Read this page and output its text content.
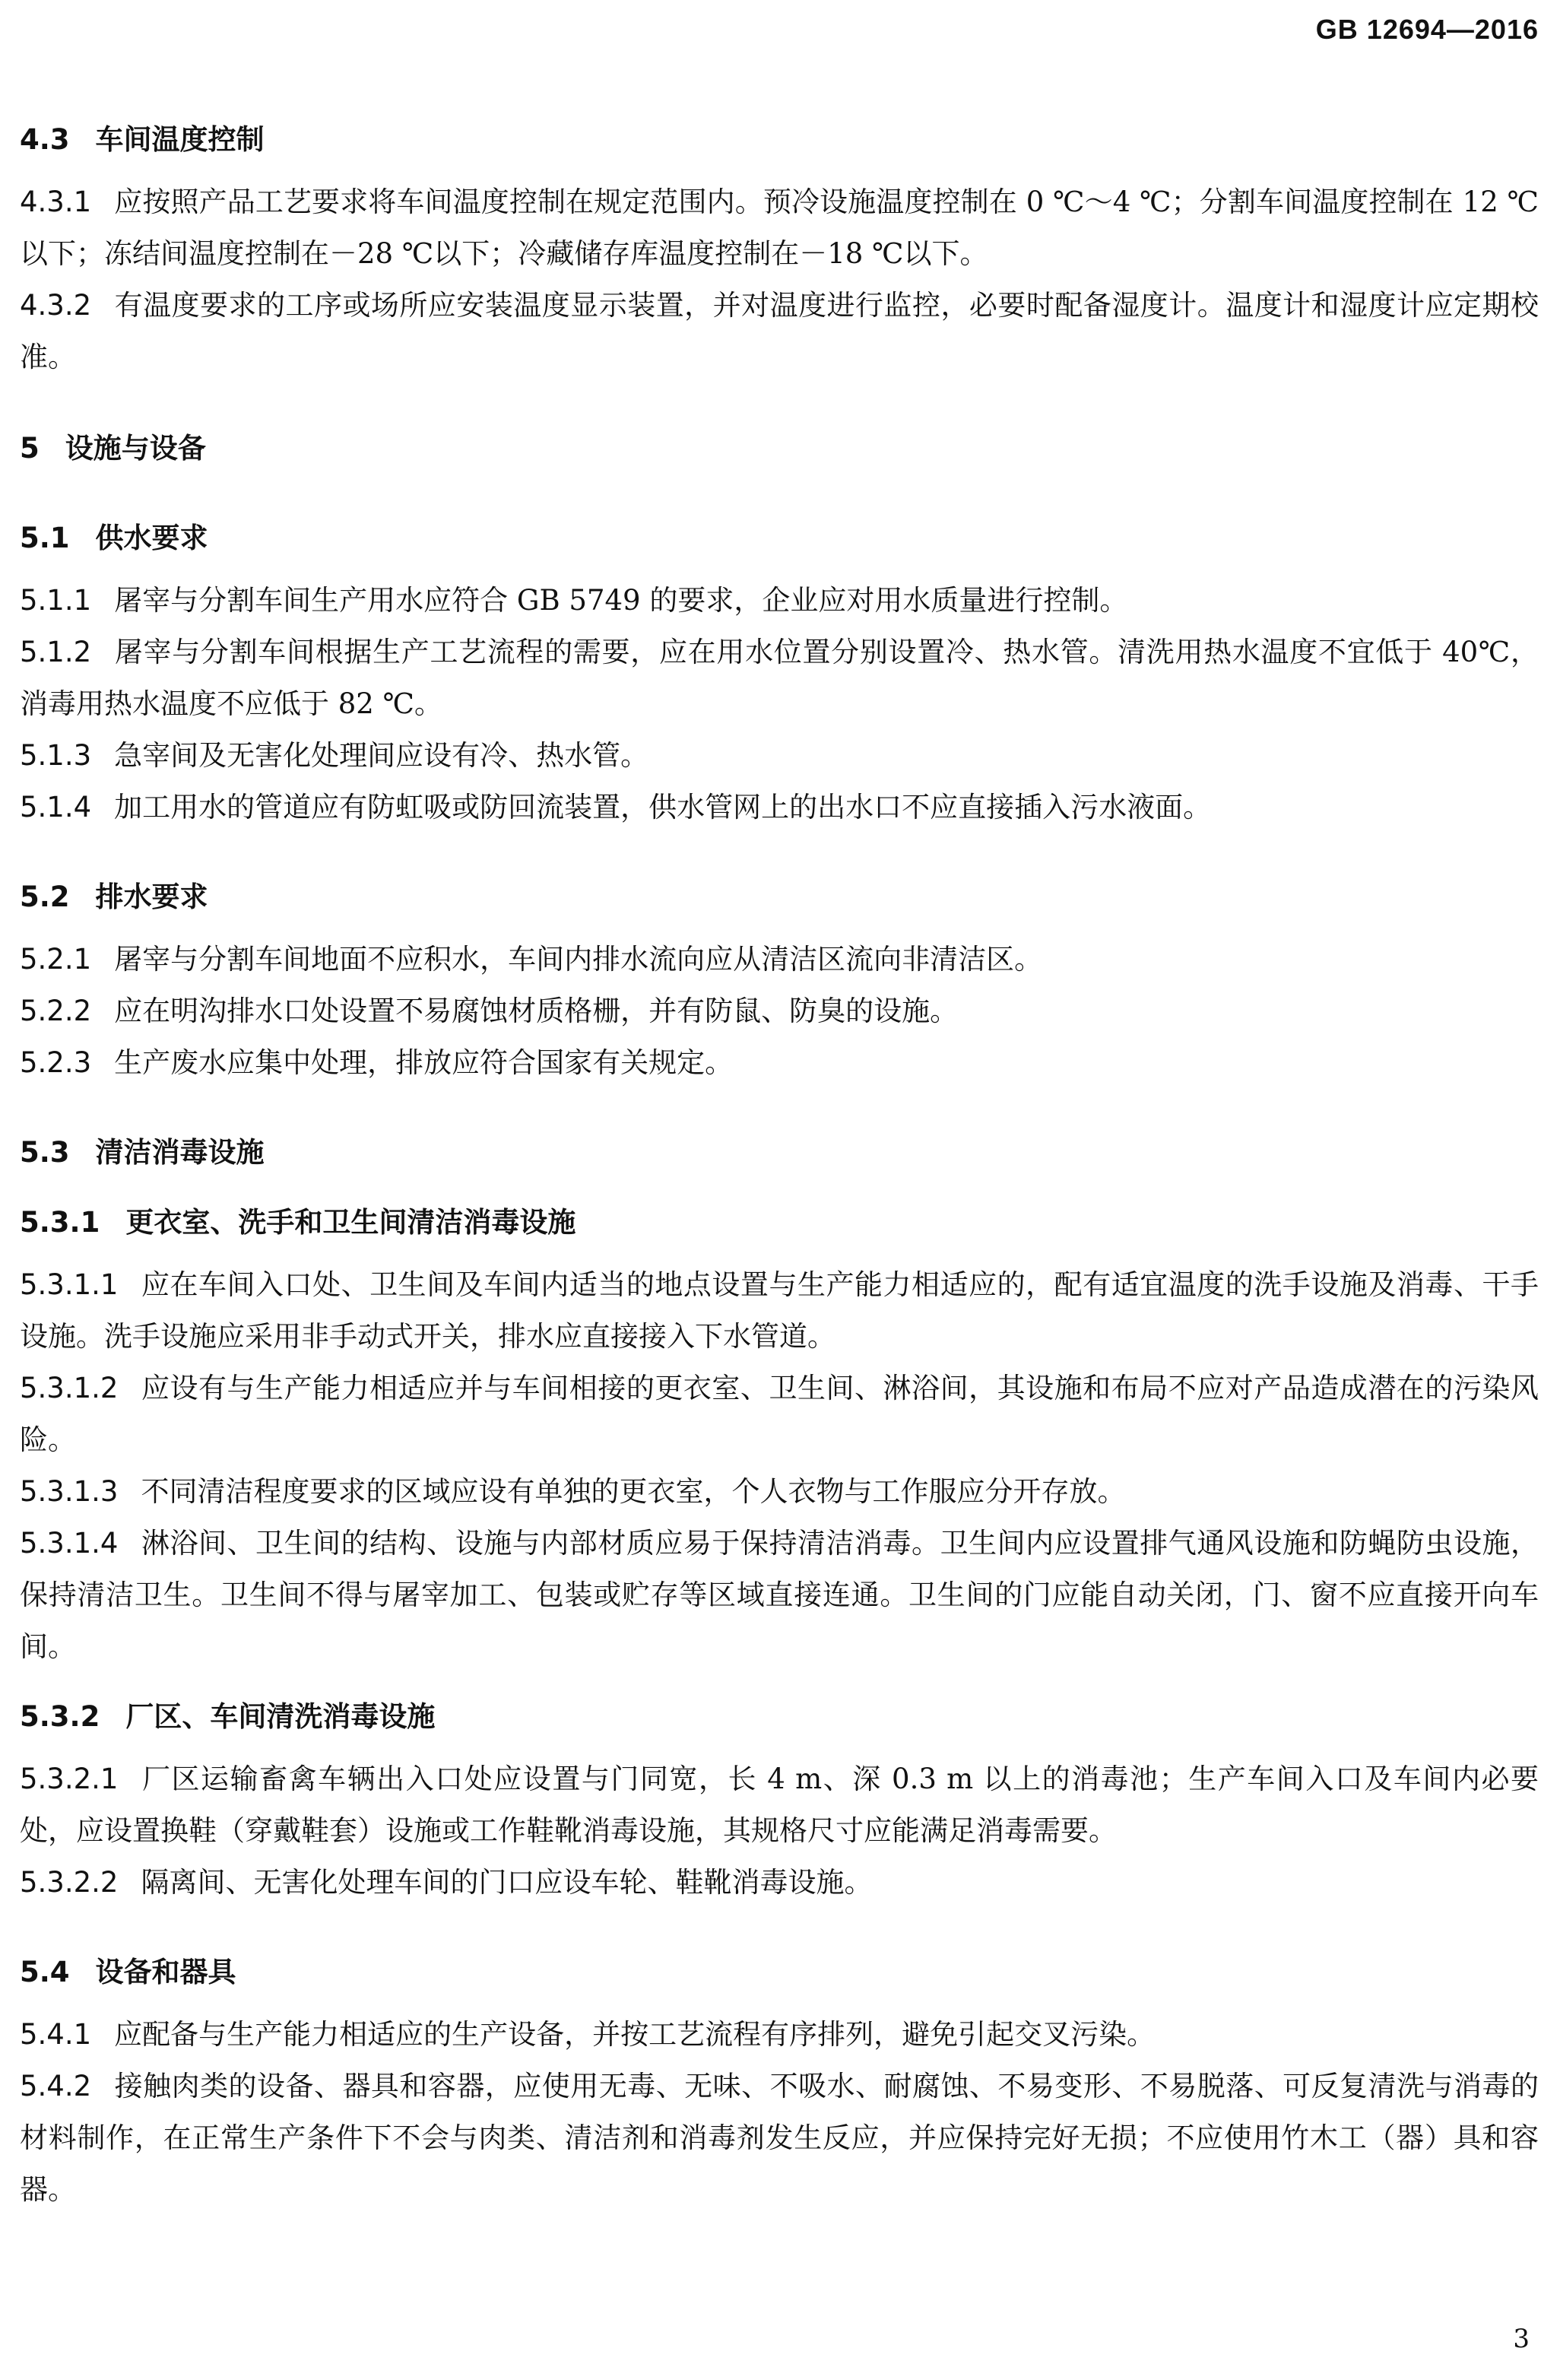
GB 12694—2016
4.3 车间温度控制

4.3.1 应按照产品工艺要求将车间温度控制在规定范围内。预冷设施温度控制在 0 ℃～4 ℃；分割车间温度控制在 12 ℃以下；冻结间温度控制在－28 ℃以下；冷藏储存库温度控制在－18 ℃以下。

4.3.2 有温度要求的工序或场所应安装温度显示装置，并对温度进行监控，必要时配备湿度计。温度计和湿度计应定期校准。

5 设施与设备
5.1 供水要求

5.1.1 屠宰与分割车间生产用水应符合 GB 5749 的要求，企业应对用水质量进行控制。

5.1.2 屠宰与分割车间根据生产工艺流程的需要，应在用水位置分别设置冷、热水管。清洗用热水温度不宜低于 40℃，消毒用热水温度不应低于 82 ℃。

5.1.3 急宰间及无害化处理间应设有冷、热水管。

5.1.4 加工用水的管道应有防虹吸或防回流装置，供水管网上的出水口不应直接插入污水液面。

5.2 排水要求

5.2.1 屠宰与分割车间地面不应积水，车间内排水流向应从清洁区流向非清洁区。

5.2.2 应在明沟排水口处设置不易腐蚀材质格栅，并有防鼠、防臭的设施。

5.2.3 生产废水应集中处理，排放应符合国家有关规定。

5.3 清洁消毒设施
5.3.1 更衣室、洗手和卫生间清洁消毒设施

5.3.1.1 应在车间入口处、卫生间及车间内适当的地点设置与生产能力相适应的，配有适宜温度的洗手设施及消毒、干手设施。洗手设施应采用非手动式开关，排水应直接接入下水管道。

5.3.1.2 应设有与生产能力相适应并与车间相接的更衣室、卫生间、淋浴间，其设施和布局不应对产品造成潜在的污染风险。

5.3.1.3 不同清洁程度要求的区域应设有单独的更衣室，个人衣物与工作服应分开存放。

5.3.1.4 淋浴间、卫生间的结构、设施与内部材质应易于保持清洁消毒。卫生间内应设置排气通风设施和防蝇防虫设施，保持清洁卫生。卫生间不得与屠宰加工、包装或贮存等区域直接连通。卫生间的门应能自动关闭，门、窗不应直接开向车间。

5.3.2 厂区、车间清洗消毒设施

5.3.2.1 厂区运输畜禽车辆出入口处应设置与门同宽，长 4 m、深 0.3 m 以上的消毒池；生产车间入口及车间内必要处，应设置换鞋（穿戴鞋套）设施或工作鞋靴消毒设施，其规格尺寸应能满足消毒需要。

5.3.2.2 隔离间、无害化处理车间的门口应设车轮、鞋靴消毒设施。

5.4 设备和器具

5.4.1 应配备与生产能力相适应的生产设备，并按工艺流程有序排列，避免引起交叉污染。

5.4.2 接触肉类的设备、器具和容器，应使用无毒、无味、不吸水、耐腐蚀、不易变形、不易脱落、可反复清洗与消毒的材料制作，在正常生产条件下不会与肉类、清洁剂和消毒剂发生反应，并应保持完好无损；不应使用竹木工（器）具和容器。

3
